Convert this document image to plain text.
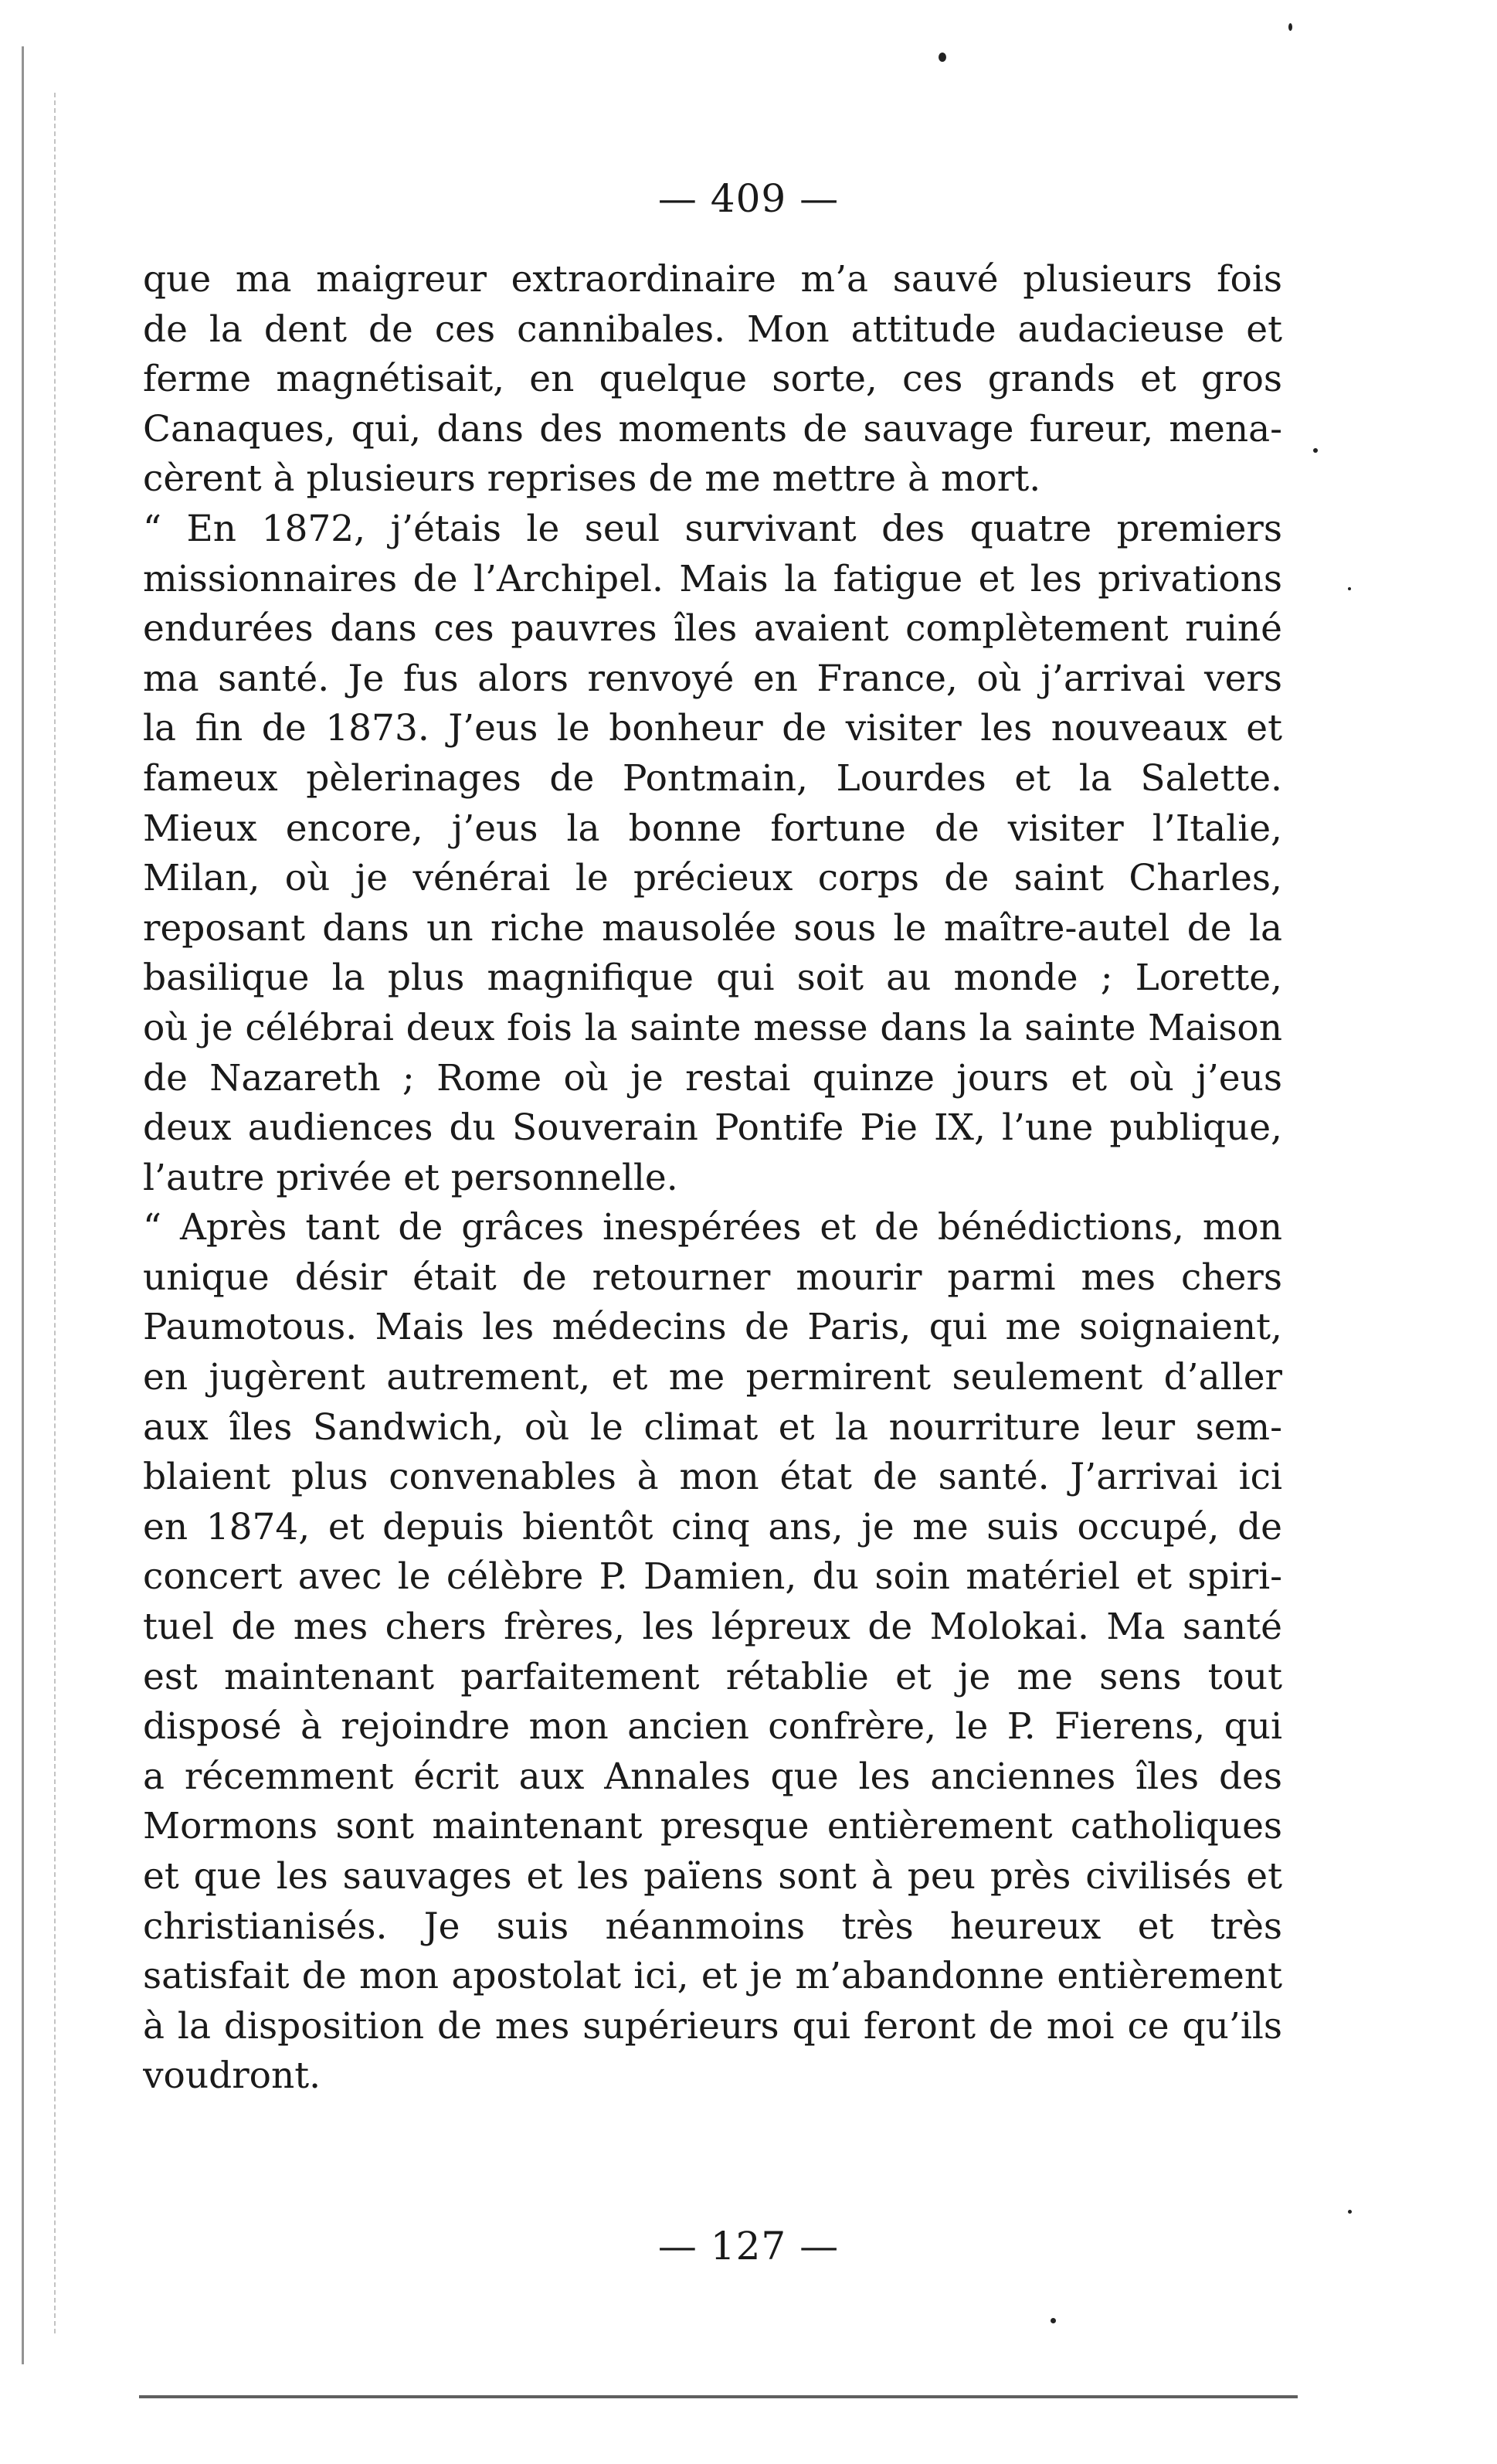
— 409 —
que ma maigreur extraordinaire m’a sauvé plusieurs fois
de la dent de ces cannibales. Mon attitude audacieuse et
ferme magnétisait, en quelque sorte, ces grands et gros
Canaques, qui, dans des moments de sauvage fureur, mena-
cèrent à plusieurs reprises de me mettre à mort.
“ En 1872, j’étais le seul survivant des quatre premiers
missionnaires de l’Archipel. Mais la fatigue et les privations
endurées dans ces pauvres îles avaient complètement ruiné
ma santé. Je fus alors renvoyé en France, où j’arrivai vers
la fin de 1873. J’eus le bonheur de visiter les nouveaux et
fameux pèlerinages de Pontmain, Lourdes et la Salette.
Mieux encore, j’eus la bonne fortune de visiter l’Italie,
Milan, où je vénérai le précieux corps de saint Charles,
reposant dans un riche mausolée sous le maître-autel de la
basilique la plus magnifique qui soit au monde ; Lorette,
où je célébrai deux fois la sainte messe dans la sainte Maison
de Nazareth ; Rome où je restai quinze jours et où j’eus
deux audiences du Souverain Pontife Pie IX, l’une publique,
l’autre privée et personnelle.
“ Après tant de grâces inespérées et de bénédictions, mon
unique désir était de retourner mourir parmi mes chers
Paumotous. Mais les médecins de Paris, qui me soignaient,
en jugèrent autrement, et me permirent seulement d’aller
aux îles Sandwich, où le climat et la nourriture leur sem-
blaient plus convenables à mon état de santé. J’arrivai ici
en 1874, et depuis bientôt cinq ans, je me suis occupé, de
concert avec le célèbre P. Damien, du soin matériel et spiri-
tuel de mes chers frères, les lépreux de Molokai. Ma santé
est maintenant parfaitement rétablie et je me sens tout
disposé à rejoindre mon ancien confrère, le P. Fierens, qui
a récemment écrit aux Annales que les anciennes îles des
Mormons sont maintenant presque entièrement catholiques
et que les sauvages et les païens sont à peu près civilisés et
christianisés. Je suis néanmoins très heureux et très
satisfait de mon apostolat ici, et je m’abandonne entièrement
à la disposition de mes supérieurs qui feront de moi ce qu’ils
voudront.
— 127 —
